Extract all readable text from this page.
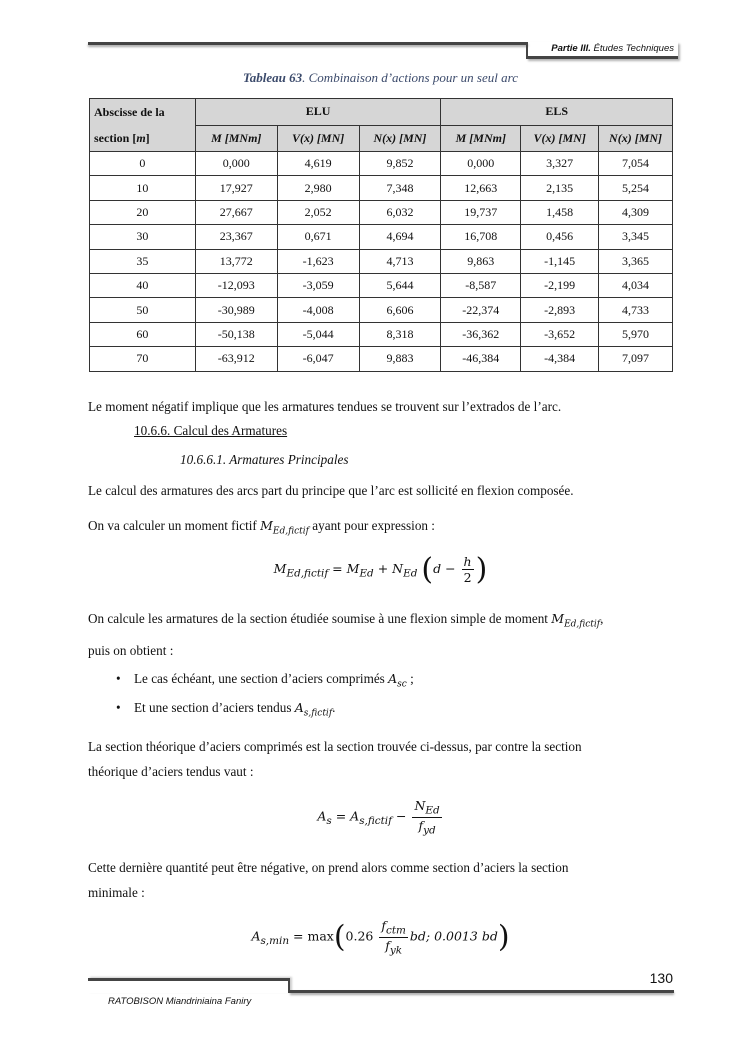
Partie III. Études Techniques
Tableau 63. Combinaison d’actions pour un seul arc
Abscisse de la
section [m]	ELU			ELS		
	M [MNm]	V(x) [MN]	N(x) [MN]	M [MNm]	V(x) [MN]	N(x) [MN]
0	0,000	4,619	9,852	0,000	3,327	7,054
10	17,927	2,980	7,348	12,663	2,135	5,254
20	27,667	2,052	6,032	19,737	1,458	4,309
30	23,367	0,671	4,694	16,708	0,456	3,345
35	13,772	-1,623	4,713	9,863	-1,145	3,365
40	-12,093	-3,059	5,644	-8,587	-2,199	4,034
50	-30,989	-4,008	6,606	-22,374	-2,893	4,733
60	-50,138	-5,044	8,318	-36,362	-3,652	5,970
70	-63,912	-6,047	9,883	-46,384	-4,384	7,097
Le moment négatif implique que les armatures tendues se trouvent sur l’extrados de l’arc.
10.6.6. Calcul des Armatures
10.6.6.1. Armatures Principales
Le calcul des armatures des arcs part du principe que l’arc est sollicité en flexion composée.
On va calculer un moment fictif $M_{Ed,fictif}$ ayant pour expression :
$M_{Ed,fictif} = M_{Ed} + N_{Ed}$ ($d - \frac{h}{2}$ )
On calcule les armatures de la section étudiée soumise à une flexion simple de moment $M_{Ed,fictif}$,
puis on obtient :
• Le cas échéant, une section d’aciers comprimés $A_{sc}$ ;
• Et une section d’aciers tendus $A_{s,fictif}$.
La section théorique d’aciers comprimés est la section trouvée ci-dessus, par contre la section
théorique d’aciers tendus vaut :
$A_s = A_{s,fictif} - \frac{N_{Ed}}{f_{yd}}$
Cette dernière quantité peut être négative, on prend alors comme section d’aciers la section
minimale :
$A_{s,min} = \max(0.26 \frac{f_{ctm}}{f_{yk}}$ bd; 0.0013 bd)
130
RATOBISON Miandriniaina Faniry
